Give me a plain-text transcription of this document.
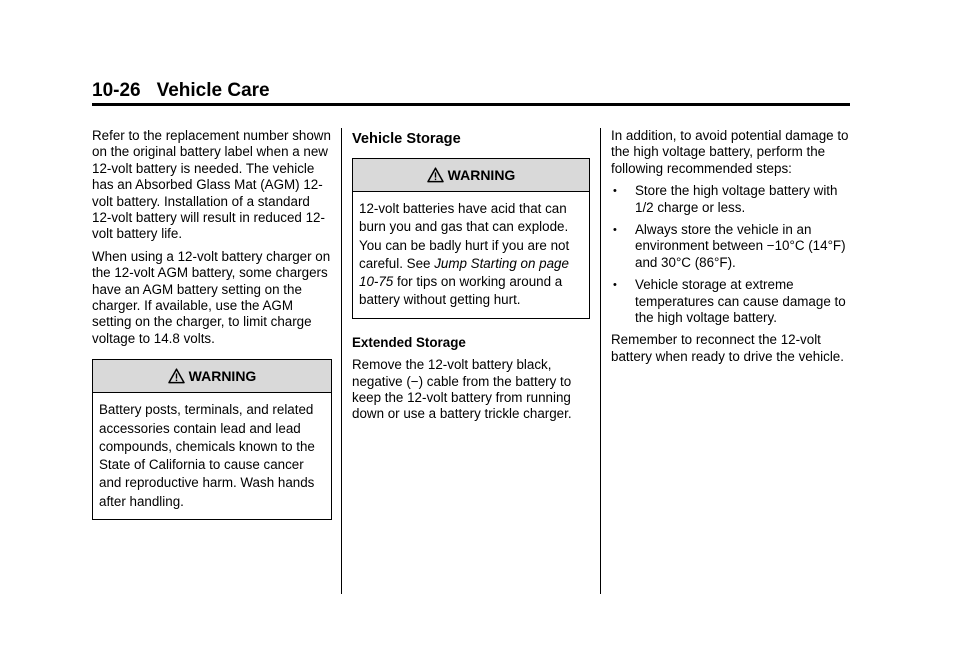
10-26 Vehicle Care

Refer to the replacement number shown on the original battery label when a new 12-volt battery is needed. The vehicle has an Absorbed Glass Mat (AGM) 12-volt battery. Installation of a standard 12-volt battery will result in reduced 12-volt battery life.

When using a 12-volt battery charger on the 12-volt AGM battery, some chargers have an AGM battery setting on the charger. If available, use the AGM setting on the charger, to limit charge voltage to 14.8 volts.

WARNING
Battery posts, terminals, and related accessories contain lead and lead compounds, chemicals known to the State of California to cause cancer and reproductive harm. Wash hands after handling.
Vehicle Storage
WARNING
12-volt batteries have acid that can burn you and gas that can explode. You can be badly hurt if you are not careful. See Jump Starting on page 10-75 for tips on working around a battery without getting hurt.
Extended Storage

Remove the 12-volt battery black, negative (−) cable from the battery to keep the 12-volt battery from running down or use a battery trickle charger.

In addition, to avoid potential damage to the high voltage battery, perform the following recommended steps:

• Store the high voltage battery with 1/2 charge or less.
• Always store the vehicle in an environment between −10°C (14°F) and 30°C (86°F).
• Vehicle storage at extreme temperatures can cause damage to the high voltage battery.

Remember to reconnect the 12-volt battery when ready to drive the vehicle.
